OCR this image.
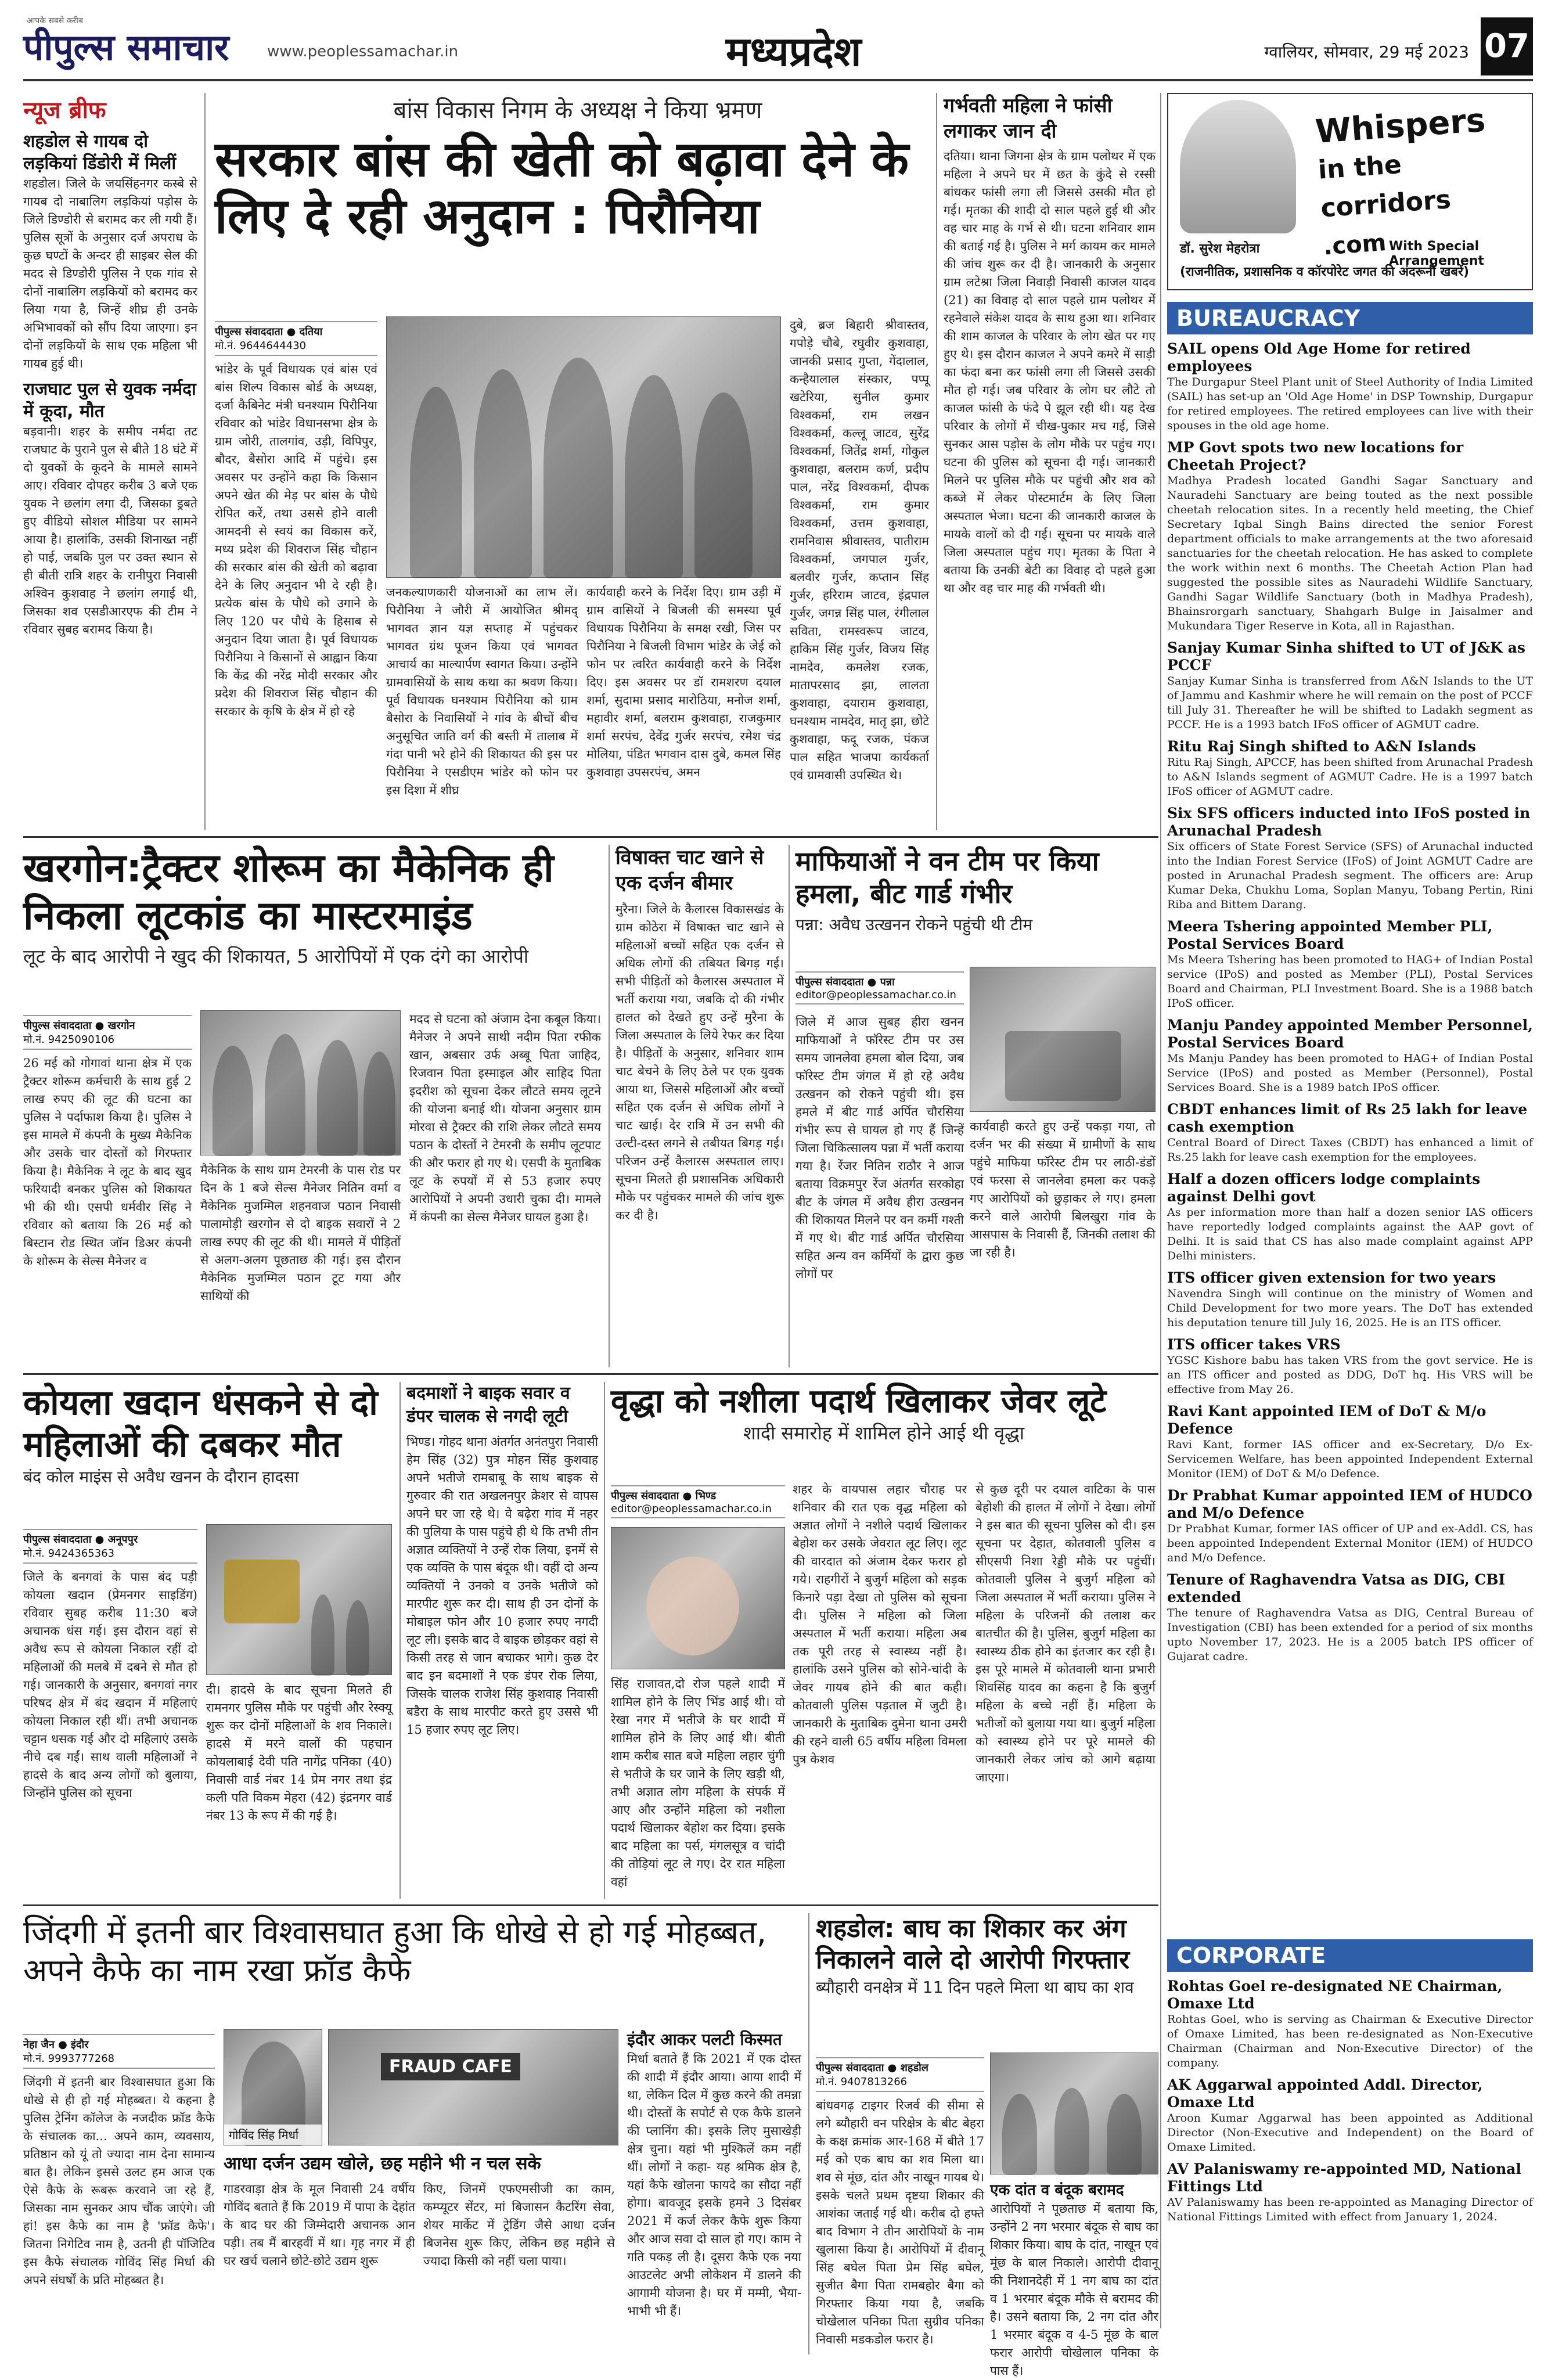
आपके सबसे करीब
पीपुल्स समाचार	www.peoplessamachar.in	मध्यप्रदेश	ग्वालियर, सोमवार, 29 मई 2023 07
न्यूज ब्रीफ
शहडोल से गायब दो लड़कियां डिंडोरी में मिलीं
शहडोल। जिले के जयसिंहनगर कस्बे से गायब दो नाबालिग लड़कियां पड़ोस के जिले डिण्डोरी से बरामद कर ली गयी हैं। पुलिस सूत्रों के अनुसार दर्ज अपराध के कुछ घण्टों के अन्दर ही साइबर सेल की मदद से डिण्डोरी पुलिस ने एक गांव से दोनों नाबालिग लड़कियों को बरामद कर लिया गया है, जिन्हें शीघ्र ही उनके अभिभावकों को सौंप दिया जाएगा। इन दोनों लड़कियों के साथ एक महिला भी गायब हुई थी।
राजघाट पुल से युवक नर्मदा में कूदा, मौत
बड़वानी। शहर के समीप नर्मदा तट राजघाट के पुराने पुल से बीते 18 घंटे में दो युवकों के कूदने के मामले सामने आए। रविवार दोपहर करीब 3 बजे एक युवक ने छलांग लगा दी, जिसका ड्रबते हुए वीडियो सोशल मीडिया पर सामने आया है। हालांकि, उसकी शिनाख्त नहीं हो पाई, जबकि पुल पर उक्त स्थान से ही बीती रात्रि शहर के रानीपुरा निवासी अश्विन कुशवाह ने छलांग लगाई थी, जिसका शव एसडीआरएफ की टीम ने रविवार सुबह बरामद किया है।
बांस विकास निगम के अध्यक्ष ने किया भ्रमण
सरकार बांस की खेती को बढ़ावा देने के लिए दे रही अनुदान : पिरौनिया
पीपुल्स संवाददाता ● दतिया
मो.नं. 9644644430
भांडेर के पूर्व विधायक एवं बांस एवं बांस शिल्प विकास बोर्ड के अध्यक्ष, दर्जा कैबिनेट मंत्री घनश्याम पिरौनिया रविवार को भांडेर विधानसभा क्षेत्र के ग्राम जोरी, तालगांव, उड़ी, विपिपुर, बौदर, बैसोरा आदि में पहुंचे। इस अवसर पर उन्होंने कहा कि किसान अपने खेत की मेड़ पर बांस के पौधे रोपित करें, तथा उससे होने वाली आमदनी से स्वयं का विकास करें, मध्य प्रदेश की शिवराज सिंह चौहान की सरकार बांस की खेती को बढ़ावा देने के लिए अनुदान भी दे रही है। प्रत्येक बांस के पौधे को उगाने के लिए 120 पर पौधे के हिसाब से अनुदान दिया जाता है। पूर्व विधायक पिरौनिया ने किसानों से आह्वान किया कि केंद्र की नरेंद्र मोदी सरकार और प्रदेश की शिवराज सिंह चौहान की सरकार के कृषि के क्षेत्र में हो रहे
जनकल्याणकारी योजनाओं का लाभ लें। पिरौनिया ने जौरी में आयोजित श्रीमद् भागवत ज्ञान यज्ञ सप्ताह में पहुंचकर भागवत ग्रंथ पूजन किया एवं भागवत आचार्य का माल्यार्पण स्वागत किया। उन्होंने ग्रामवासियों के साथ कथा का श्रवण किया। पूर्व विधायक घनश्याम पिरौनिया को ग्राम बैसोरा के निवासियों ने गांव के बीचों बीच अनुसूचित जाति वर्ग की बस्ती में तालाब में गंदा पानी भरे होने की शिकायत की इस पर पिरौनिया ने एसडीएम भांडेर को फोन पर इस दिशा में शीघ्र
कार्यवाही करने के निर्देश दिए। ग्राम उड़ी में ग्राम वासियों ने बिजली की समस्या पूर्व विधायक पिरौनिया के समक्ष रखी, जिस पर पिरौनिया ने बिजली विभाग भांडेर के जेई को फोन पर त्वरित कार्यवाही करने के निर्देश दिए। इस अवसर पर डॉ रामशरण दयाल शर्मा, सुदामा प्रसाद मारोठिया, मनोज शर्मा, महावीर शर्मा, बलराम कुशवाहा, राजकुमार शर्मा सरपंच, देवेंद्र गुर्जर सरपंच, रमेश चंद्र मोलिया, पंडित भगवान दास दुबे, कमल सिंह कुशवाहा उपसरपंच, अमन
दुबे, ब्रज बिहारी श्रीवास्तव, गपोड़े चौबे, रघुवीर कुशवाहा, जानकी प्रसाद गुप्ता, गेंदालाल, कन्हैयालाल संस्कार, पप्पू खटेरिया, सुनील कुमार विश्वकर्मा, राम लखन विश्वकर्मा, कल्लू जाटव, सुरेंद्र विश्वकर्मा, जितेंद्र शर्मा, गोकुल कुशवाहा, बलराम कर्ण, प्रदीप पाल, नरेंद्र विश्वकर्मा, दीपक विश्वकर्मा, राम कुमार विश्वकर्मा, उत्तम कुशवाहा, रामनिवास श्रीवास्तव, पातीराम विश्वकर्मा, जगपाल गुर्जर, बलवीर गुर्जर, कप्तान सिंह गुर्जर, हरिराम जाटव, इंद्रपाल गुर्जर, जगन्न सिंह पाल, रंगीलाल सविता, रामस्वरूप जाटव, हाकिम सिंह गुर्जर, विजय सिंह नामदेव, कमलेश रजक, मातापरसाद झा, लालता कुशवाहा, दयाराम कुशवाहा, घनश्याम नामदेव, मातृ झा, छोटे कुशवाहा, फदू रजक, पंकज पाल सहित भाजपा कार्यकर्ता एवं ग्रामवासी उपस्थित थे।
गर्भवती महिला ने फांसी लगाकर जान दी
दतिया। थाना जिगना क्षेत्र के ग्राम पलोथर में एक महिला ने अपने घर में छत के कुंदे से रस्सी बांधकर फांसी लगा ली जिससे उसकी मौत हो गई। मृतका की शादी दो साल पहले हुई थी और वह चार माह के गर्भ से थी। घटना शनिवार शाम की बताई गई है। पुलिस ने मर्ग कायम कर मामले की जांच शुरू कर दी है। जानकारी के अनुसार ग्राम लटेश्रा जिला निवाड़ी निवासी काजल यादव (21) का विवाह दो साल पहले ग्राम पलोथर में रहनेवाले संकेश यादव के साथ हुआ था। शनिवार की शाम काजल के परिवार के लोग खेत पर गए हुए थे। इस दौरान काजल ने अपने कमरे में साड़ी का फंदा बना कर फांसी लगा ली जिससे उसकी मौत हो गई। जब परिवार के लोग घर लौटे तो काजल फांसी के फंदे पे झूल रही थी। यह देख परिवार के लोगों में चीख-पुकार मच गई, जिसे सुनकर आस पड़ोस के लोग मौके पर पहुंच गए। घटना की पुलिस को सूचना दी गई। जानकारी मिलने पर पुलिस मौके पर पहुंची और शव को कब्जे में लेकर पोस्टमार्टम के लिए जिला अस्पताल भेजा। घटना की जानकारी काजल के मायके वालों को दी गई। सूचना पर मायके वाले जिला अस्पताल पहुंच गए। मृतका के पिता ने बताया कि उनकी बेटी का विवाह दो पहले हुआ था और वह चार माह की गर्भवती थी।
Whispers
in the corridors
.com
डॉ. सुरेश मेहरोत्रा	With Special Arrangement
(राजनीतिक, प्रशासनिक व कॉरपोरेट जगत की अंदरूनी खबरें)
BUREAUCRACY
SAIL opens Old Age Home for retired employees
The Durgapur Steel Plant unit of Steel Authority of India Limited (SAIL) has set-up an 'Old Age Home' in DSP Township, Durgapur for retired employees. The retired employees can live with their spouses in the old age home.
MP Govt spots two new locations for Cheetah Project?
Madhya Pradesh located Gandhi Sagar Sanctuary and Nauradehi Sanctuary are being touted as the next possible cheetah relocation sites. In a recently held meeting, the Chief Secretary Iqbal Singh Bains directed the senior Forest department officials to make arrangements at the two aforesaid sanctuaries for the cheetah relocation. He has asked to complete the work within next 6 months. The Cheetah Action Plan had suggested the possible sites as Nauradehi Wildlife Sanctuary, Gandhi Sagar Wildlife Sanctuary (both in Madhya Pradesh), Bhainsrorgarh sanctuary, Shahgarh Bulge in Jaisalmer and Mukundara Tiger Reserve in Kota, all in Rajasthan.
Sanjay Kumar Sinha shifted to UT of J&K as PCCF
Sanjay Kumar Sinha is transferred from A&N Islands to the UT of Jammu and Kashmir where he will remain on the post of PCCF till July 31. Thereafter he will be shifted to Ladakh segment as PCCF. He is a 1993 batch IFoS officer of AGMUT cadre.
Ritu Raj Singh shifted to A&N Islands
Ritu Raj Singh, APCCF, has been shifted from Arunachal Pradesh to A&N Islands segment of AGMUT Cadre. He is a 1997 batch IFoS officer of AGMUT cadre.
Six SFS officers inducted into IFoS posted in Arunachal Pradesh
Six officers of State Forest Service (SFS) of Arunachal inducted into the Indian Forest Service (IFoS) of Joint AGMUT Cadre are posted in Arunachal Pradesh segment. The officers are: Arup Kumar Deka, Chukhu Loma, Soplan Manyu, Tobang Pertin, Rini Riba and Bittem Darang.
Meera Tshering appointed Member PLI, Postal Services Board
Ms Meera Tshering has been promoted to HAG+ of Indian Postal service (IPoS) and posted as Member (PLI), Postal Services Board and Chairman, PLI Investment Board. She is a 1988 batch IPoS officer.
Manju Pandey appointed Member Personnel, Postal Services Board
Ms Manju Pandey has been promoted to HAG+ of Indian Postal Service (IPoS) and posted as Member (Personnel), Postal Services Board. She is a 1989 batch IPoS officer.
CBDT enhances limit of Rs 25 lakh for leave cash exemption
Central Board of Direct Taxes (CBDT) has enhanced a limit of Rs.25 lakh for leave cash exemption for the employees.
Half a dozen officers lodge complaints against Delhi govt
As per information more than half a dozen senior IAS officers have reportedly lodged complaints against the AAP govt of Delhi. It is said that CS has also made complaint against APP Delhi ministers.
ITS officer given extension for two years
Navendra Singh will continue on the ministry of Women and Child Development for two more years. The DoT has extended his deputation tenure till July 16, 2025. He is an ITS officer.
ITS officer takes VRS
YGSC Kishore babu has taken VRS from the govt service. He is an ITS officer and posted as DDG, DoT hq. His VRS will be effective from May 26.
Ravi Kant appointed IEM of DoT & M/o Defence
Ravi Kant, former IAS officer and ex-Secretary, D/o Ex-Servicemen Welfare, has been appointed Independent External Monitor (IEM) of DoT & M/o Defence.
Dr Prabhat Kumar appointed IEM of HUDCO and M/o Defence
Dr Prabhat Kumar, former IAS officer of UP and ex-Addl. CS, has been appointed Independent External Monitor (IEM) of HUDCO and M/o Defence.
Tenure of Raghavendra Vatsa as DIG, CBI extended
The tenure of Raghavendra Vatsa as DIG, Central Bureau of Investigation (CBI) has been extended for a period of six months upto November 17, 2023. He is a 2005 batch IPS officer of Gujarat cadre.
CORPORATE
Rohtas Goel re-designated NE Chairman, Omaxe Ltd
Rohtas Goel, who is serving as Chairman & Executive Director of Omaxe Limited, has been re-designated as Non-Executive Chairman (Chairman and Non-Executive Director) of the company.
AK Aggarwal appointed Addl. Director, Omaxe Ltd
Aroon Kumar Aggarwal has been appointed as Additional Director (Non-Executive and Independent) on the Board of Omaxe Limited.
AV Palaniswamy re-appointed MD, National Fittings Ltd
AV Palaniswamy has been re-appointed as Managing Director of National Fittings Limited with effect from January 1, 2024.
खरगोन:ट्रैक्टर शोरूम का मैकेनिक ही निकला लूटकांड का मास्टरमाइंड
लूट के बाद आरोपी ने खुद की शिकायत, 5 आरोपियों में एक दंगे का आरोपी
पीपुल्स संवाददाता ● खरगोन
मो.नं. 9425090106
26 मई को गोगावां थाना क्षेत्र में एक ट्रैक्टर शोरूम कर्मचारी के साथ हुई 2 लाख रुपए की लूट की घटना का पुलिस ने पर्दाफाश किया है। पुलिस ने इस मामले में कंपनी के मुख्य मैकेनिक और उसके चार दोस्तों को गिरफ्तार किया है। मैकेनिक ने लूट के बाद खुद फरियादी बनकर पुलिस को शिकायत भी की थी। एसपी धर्मवीर सिंह ने रविवार को बताया कि 26 मई को बिस्टान रोड स्थित जॉन डिअर कंपनी के शोरूम के सेल्स मैनेजर व
मैकेनिक के साथ ग्राम टेमरनी के पास रोड पर दिन के 1 बजे सेल्स मैनेजर नितिन वर्मा व मैकेनिक मुजम्मिल शहनवाज पठान निवासी पालामोड़ी खरगोन से दो बाइक सवारों ने 2 लाख रुपए की लूट की थी। मामले में पीड़ितों से अलग-अलग पूछताछ की गई। इस दौरान मैकेनिक मुजम्मिल पठान टूट गया और साथियों की
मदद से घटना को अंजाम देना कबूल किया। मैनेजर ने अपने साथी नदीम पिता रफीक खान, अबसार उर्फ अब्बू पिता जाहिद, रिजवान पिता इस्माइल और साहिद पिता इदरीश को सूचना देकर लौटते समय लूटने की योजना बनाई थी। योजना अनुसार ग्राम मोरवा से ट्रैक्टर की राशि लेकर लौटते समय पठान के दोस्तों ने टेमरनी के समीप लूटपाट की और फरार हो गए थे। एसपी के मुताबिक लूट के रुपयों में से 53 हजार रुपए आरोपियों ने अपनी उधारी चुका दी। मामले में कंपनी का सेल्स मैनेजर घायल हुआ है।
विषाक्त चाट खाने से एक दर्जन बीमार
मुरैना। जिले के कैलारस विकासखंड के ग्राम कोठेरा में विषाक्त चाट खाने से महिलाओं बच्चों सहित एक दर्जन से अधिक लोगों की तबियत बिगड़ गई। सभी पीड़ितों को कैलारस अस्पताल में भर्ती कराया गया, जबकि दो की गंभीर हालत को देखते हुए उन्हें मुरैना के जिला अस्पताल के लिये रेफर कर दिया है। पीड़ितों के अनुसार, शनिवार शाम चाट बेचने के लिए ठेले पर एक युवक आया था, जिससे महिलाओं और बच्चों सहित एक दर्जन से अधिक लोगों ने चाट खाई। देर रात्रि में उन सभी की उल्टी-दस्त लगने से तबीयत बिगड़ गई। परिजन उन्हें कैलारस अस्पताल लाए। सूचना मिलते ही प्रशासनिक अधिकारी मौके पर पहुंचकर मामले की जांच शुरू कर दी है।
माफियाओं ने वन टीम पर किया हमला, बीट गार्ड गंभीर
पन्ना: अवैध उत्खनन रोकने पहुंची थी टीम
पीपुल्स संवाददाता ● पन्ना
editor@peoplessamachar.co.in
जिले में आज सुबह हीरा खनन माफियाओं ने फॉरेस्ट टीम पर उस समय जानलेवा हमला बोल दिया, जब फॉरेस्ट टीम जंगल में हो रहे अवैध उत्खनन को रोकने पहुंची थी। इस हमले में बीट गार्ड अर्पित चौरसिया गंभीर रूप से घायल हो गए हैं जिन्हें जिला चिकित्सालय पन्ना में भर्ती कराया गया है। रेंजर नितिन राठौर ने आज बताया विक्रमपुर रेंज अंतर्गत सरकोहा बीट के जंगल में अवैध हीरा उत्खनन की शिकायत मिलने पर वन कर्मी गश्ती में गए थे। बीट गार्ड अर्पित चौरसिया सहित अन्य वन कर्मियों के द्वारा कुछ लोगों पर
कार्यवाही करते हुए उन्हें पकड़ा गया, तो दर्जन भर की संख्या में ग्रामीणों के साथ पहुंचे माफिया फॉरेस्ट टीम पर लाठी-डंडों एवं फरसा से जानलेवा हमला कर पकड़े गए आरोपियों को छुड़ाकर ले गए। हमला करने वाले आरोपी बिलखुरा गांव के आसपास के निवासी हैं, जिनकी तलाश की जा रही है।
कोयला खदान धंसकने से दो महिलाओं की दबकर मौत
बंद कोल माइंस से अवैध खनन के दौरान हादसा
पीपुल्स संवाददाता ● अनूपपुर
मो.नं. 9424365363
जिले के बनगवां के पास बंद पड़ी कोयला खदान (प्रेमनगर साइडिंग) रविवार सुबह करीब 11:30 बजे अचानक धंस गई। इस दौरान वहां से अवैध रूप से कोयला निकाल रहीं दो महिलाओं की मलबे में दबने से मौत हो गई। जानकारी के अनुसार, बनगवां नगर परिषद क्षेत्र में बंद खदान में महिलाएं कोयला निकाल रही थीं। तभी अचानक चट्टान धसक गई और दो महिलाएं उसके नीचे दब गईं। साथ वाली महिलाओं ने हादसे के बाद अन्य लोगों को बुलाया, जिन्होंने पुलिस को सूचना
दी। हादसे के बाद सूचना मिलते ही रामनगर पुलिस मौके पर पहुंची और रेस्क्यू शुरू कर दोनों महिलाओं के शव निकाले। हादसे में मरने वालों की पहचान कोयलाबाई देवी पति नागेंद्र पनिका (40) निवासी वार्ड नंबर 14 प्रेम नगर तथा इंद्र कली पति विकम मेहरा (42) इंद्रनगर वार्ड नंबर 13 के रूप में की गई है।
बदमाशों ने बाइक सवार व डंपर चालक से नगदी लूटी
भिण्ड। गोहद थाना अंतर्गत अनंतपुरा निवासी हेम सिंह (32) पुत्र मोहन सिंह कुशवाह अपने भतीजे रामबाबू के साथ बाइक से गुरुवार की रात अखलनपुर क्रेशर से वापस अपने घर जा रहे थे। वे बढ़ेरा गांव में नहर की पुलिया के पास पहुंचे ही थे कि तभी तीन अज्ञात व्यक्तियों ने उन्हें रोक लिया, इनमें से एक व्यक्ति के पास बंदूक थी। वहीं दो अन्य व्यक्तियों ने उनको व उनके भतीजे को मारपीट शुरू कर दी। साथ ही उन दोनों के मोबाइल फोन और 10 हजार रुपए नगदी लूट ली। इसके बाद वे बाइक छोड़कर वहां से किसी तरह से जान बचाकर भागे। कुछ देर बाद इन बदमाशों ने एक डंपर रोक लिया, जिसके चालक राजेश सिंह कुशवाह निवासी बडैरा के साथ मारपीट करते हुए उससे भी 15 हजार रुपए लूट लिए।
वृद्धा को नशीला पदार्थ खिलाकर जेवर लूटे
शादी समारोह में शामिल होने आई थी वृद्धा
पीपुल्स संवाददाता ● भिण्ड
editor@peoplessamachar.co.in
शहर के वायपास लहार चौराह पर शनिवार की रात एक वृद्ध महिला को अज्ञात लोगों ने नशीले पदार्थ खिलाकर बेहोश कर उसके जेवरात लूट लिए। लूट की वारदात को अंजाम देकर फरार हो गये। राहगीरों ने बुजुर्ग महिला को सड़क किनारे पड़ा देखा तो पुलिस को सूचना दी। पुलिस ने महिला को जिला अस्पताल में भर्ती कराया। महिला अब तक पूरी तरह से स्वास्थ्य नहीं है। हालांकि उसने पुलिस को सोने-चांदी के जेवर गायब होने की बात कही। कोतवाली पुलिस पड़ताल में जुटी है। जानकारी के मुताबिक दुमेना थाना उमरी की रहने वाली 65 वर्षीय महिला विमला पुत्र केशव
सिंह राजावत,दो रोज पहले शादी में शामिल होने के लिए भिंड आई थी। वो रेखा नगर में भतीजे के घर शादी में शामिल होने के लिए आई थी। बीती शाम करीब सात बजे महिला लहार चुंगी से भतीजे के घर जाने के लिए खड़ी थी, तभी अज्ञात लोग महिला के संपर्क में आए और उन्होंने महिला को नशीला पदार्थ खिलाकर बेहोश कर दिया। इसके बाद महिला का पर्स, मंगलसूत्र व चांदी की तोड़ियां लूट ले गए। देर रात महिला वहां
से कुछ दूरी पर दयाल वाटिका के पास बेहोशी की हालत में लोगों ने देखा। लोगों ने इस बात की सूचना पुलिस को दी। इस सूचना पर देहात, कोतवाली पुलिस व सीएसपी निशा रेड्डी मौके पर पहुंचीं। कोतवाली पुलिस ने बुजुर्ग महिला को जिला अस्पताल में भर्ती कराया। पुलिस ने महिला के परिजनों की तलाश कर बातचीत की है। पुलिस, बुजुर्ग महिला का स्वास्थ्य ठीक होने का इंतजार कर रही है। इस पूरे मामले में कोतवाली थाना प्रभारी शिवसिंह यादव का कहना है कि बुजुर्ग महिला के बच्चे नहीं हैं। महिला के भतीजों को बुलाया गया था। बुजुर्ग महिला को स्वास्थ्य होने पर पूरे मामले की जानकारी लेकर जांच को आगे बढ़ाया जाएगा।
जिंदगी में इतनी बार विश्वासघात हुआ कि धोखे से हो गई मोहब्बत, अपने कैफे का नाम रखा फ्रॉड कैफे
नेहा जैन ● इंदौर
मो.नं. 9993777268
जिंदगी में इतनी बार विश्वासघात हुआ कि धोखे से ही हो गई मोहब्बत। ये कहना है पुलिस ट्रेनिंग कॉलेज के नजदीक फ्रॉड कैफे के संचालक का... अपने काम, व्यवसाय, प्रतिष्ठान को यूं तो ज्यादा नाम देना सामान्य बात है। लेकिन इससे उलट हम आज एक ऐसे कैफे के रूबरू करवाने जा रहे हैं, जिसका नाम सुनकर आप चौंक जाएंगे। जी हां! इस कैफे का नाम है 'फ्रॉड कैफे'। जितना निगेटिव नाम है, उतनी ही पॉजिटिव इस कैफे संचालक गोविंद सिंह मिर्धा की अपने संघर्षों के प्रति मोहब्बत है।
गोविंद सिंह मिर्धा
FRAUD CAFE
आधा दर्जन उद्यम खोले, छह महीने भी न चल सके
गाडरवाड़ा क्षेत्र के मूल निवासी 24 वर्षीय गोविंद बताते हैं कि 2019 में पापा के देहांत के बाद घर की जिम्मेदारी अचानक आन पड़ी। तब मैं बारहवीं में था। गृह नगर में ही घर खर्च चलाने छोटे-छोटे उद्यम शुरू
किए, जिनमें एफएमसीजी का काम, कम्प्यूटर सेंटर, मां बिजासन कैटरिंग सेवा, शेयर मार्केट में ट्रेडिंग जैसे आधा दर्जन बिजनेस शुरू किए, लेकिन छह महीने से ज्यादा किसी को नहीं चला पाया।
इंदौर आकर पलटी किस्मत
मिर्धा बताते हैं कि 2021 में एक दोस्त की शादी में इंदौर आया। आया शादी में था, लेकिन दिल में कुछ करने की तमन्ना थी। दोस्तों के सपोर्ट से एक कैफे डालने की प्लानिंग की। इसके लिए मुसाखेड़ी क्षेत्र चुना। यहां भी मुश्किलें कम नहीं थीं। लोगों ने कहा- यह श्रमिक क्षेत्र है, यहां कैफे खोलना फायदे का सौदा नहीं होगा। बावजूद इसके हमने 3 दिसंबर 2021 में कर्ज लेकर कैफे शुरू किया और आज सवा दो साल हो गए। काम ने गति पकड़ ली है। दूसरा कैफे एक नया आउटलेट अभी लोकेशन में डालने की आगामी योजना है। घर में मम्मी, भैया-भाभी भी हैं।
शहडोल: बाघ का शिकार कर अंग निकालने वाले दो आरोपी गिरफ्तार
ब्यौहारी वनक्षेत्र में 11 दिन पहले मिला था बाघ का शव
पीपुल्स संवाददाता ● शहडोल
मो.नं. 9407813266
बांधवगढ़ टाइगर रिजर्व की सीमा से लगे ब्यौहारी वन परिक्षेत्र के बीट बेहरा के कक्ष क्रमांक आर-168 में बीते 17 मई को एक बाघ का शव मिला था। शव से मूंछ, दांत और नाखून गायब थे। इसके चलते प्रथम दृष्टया शिकार की आशंका जताई गई थी। करीब दो हफ्ते बाद विभाग ने तीन आरोपियों के नाम खुलासा किया है। आरोपियों में दीवानू सिंह बघेल पिता प्रेम सिंह बघेल, सुजीत बैगा पिता रामबहोर बैगा को गिरफ्तार किया गया है, जबकि चोखेलाल पनिका पिता सुग्रीव पनिका निवासी मडकडोल फरार है।
एक दांत व बंदूक बरामद
आरोपियों ने पूछताछ में बताया कि, उन्होंने 2 नग भरमार बंदूक से बाघ का शिकार किया। बाघ के दांत, नाखून एवं मूंछ के बाल निकाले। आरोपी दीवानू की निशानदेही में 1 नग बाघ का दांत व 1 भरमार बंदूक मौके से बरामद की है। उसने बताया कि, 2 नग दांत और 1 भरमार बंदूक व 4-5 मूंछ के बाल फरार आरोपी चोखेलाल पनिका के पास हैं।
